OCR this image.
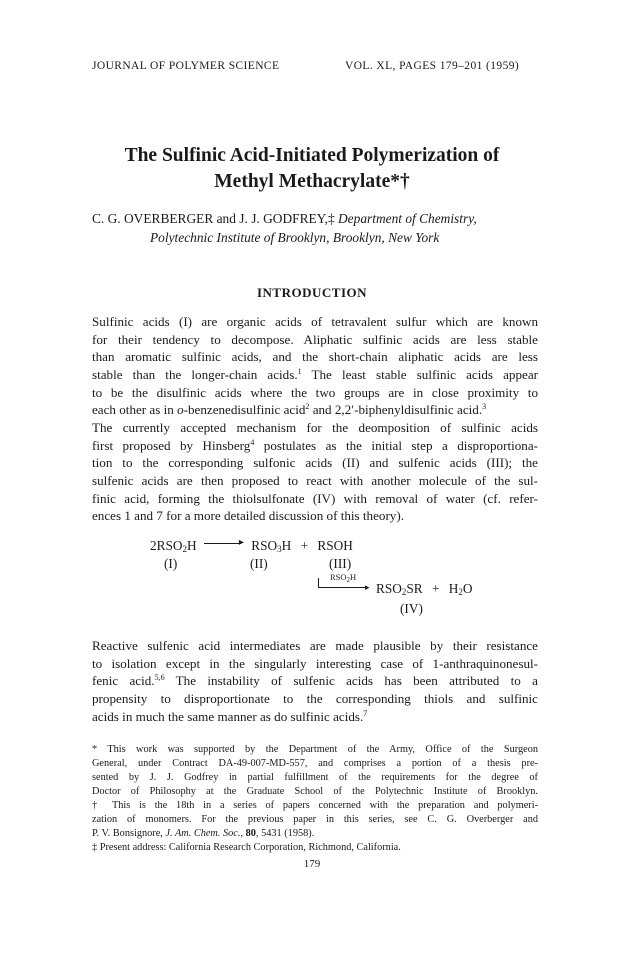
JOURNAL OF POLYMER SCIENCE	VOL. XL, PAGES 179–201 (1959)
The Sulfinic Acid-Initiated Polymerization of
Methyl Methacrylate*†
C. G. OVERBERGER and J. J. GODFREY,‡ Department of Chemistry,
Polytechnic Institute of Brooklyn, Brooklyn, New York
INTRODUCTION
Sulfinic acids (I) are organic acids of tetravalent sulfur which are known
for their tendency to decompose. Aliphatic sulfinic acids are less stable
than aromatic sulfinic acids, and the short-chain aliphatic acids are less
stable than the longer-chain acids.$^1$ The least stable sulfinic acids appear
to be the disulfinic acids where the two groups are in close proximity to
each other as in o-benzenedisulfinic acid$^2$ and 2,2′-biphenyldisulfinic acid.$^3$
The currently accepted mechanism for the deomposition of sulfinic acids
first proposed by Hinsberg$^4$ postulates as the initial step a disproportiona-
tion to the corresponding sulfonic acids (II) and sulfenic acids (III); the
sulfenic acids are then proposed to react with another molecule of the sul-
finic acid, forming the thiolsulfonate (IV) with removal of water (cf. refer-
ences 1 and 7 for a more detailed discussion of this theory).
$2RSO_2H$	▸ $RSO_3H$ + RSOH
(I)	(II)	(III)
▸
$RSO_2H$
$RSO_2SR + H_2O$
(IV)
Reactive sulfenic acid intermediates are made plausible by their resistance
to isolation except in the singularly interesting case of 1-anthraquinonesul-
fenic acid.$^{5,6}$ The instability of sulfenic acids has been attributed to a
propensity to disproportionate to the corresponding thiols and sulfinic
acids in much the same manner as do sulfinic acids.$^7$
* This work was supported by the Department of the Army, Office of the Surgeon
General, under Contract DA-49-007-MD-557, and comprises a portion of a thesis pre-
sented by J. J. Godfrey in partial fulfillment of the requirements for the degree of
Doctor of Philosophy at the Graduate School of the Polytechnic Institute of Brooklyn.
† This is the 18th in a series of papers concerned with the preparation and polymeri-
zation of monomers. For the previous paper in this series, see C. G. Overberger and
P. V. Bonsignore, J. Am. Chem. Soc., 80, 5431 (1958).
‡ Present address: California Research Corporation, Richmond, California.
179
